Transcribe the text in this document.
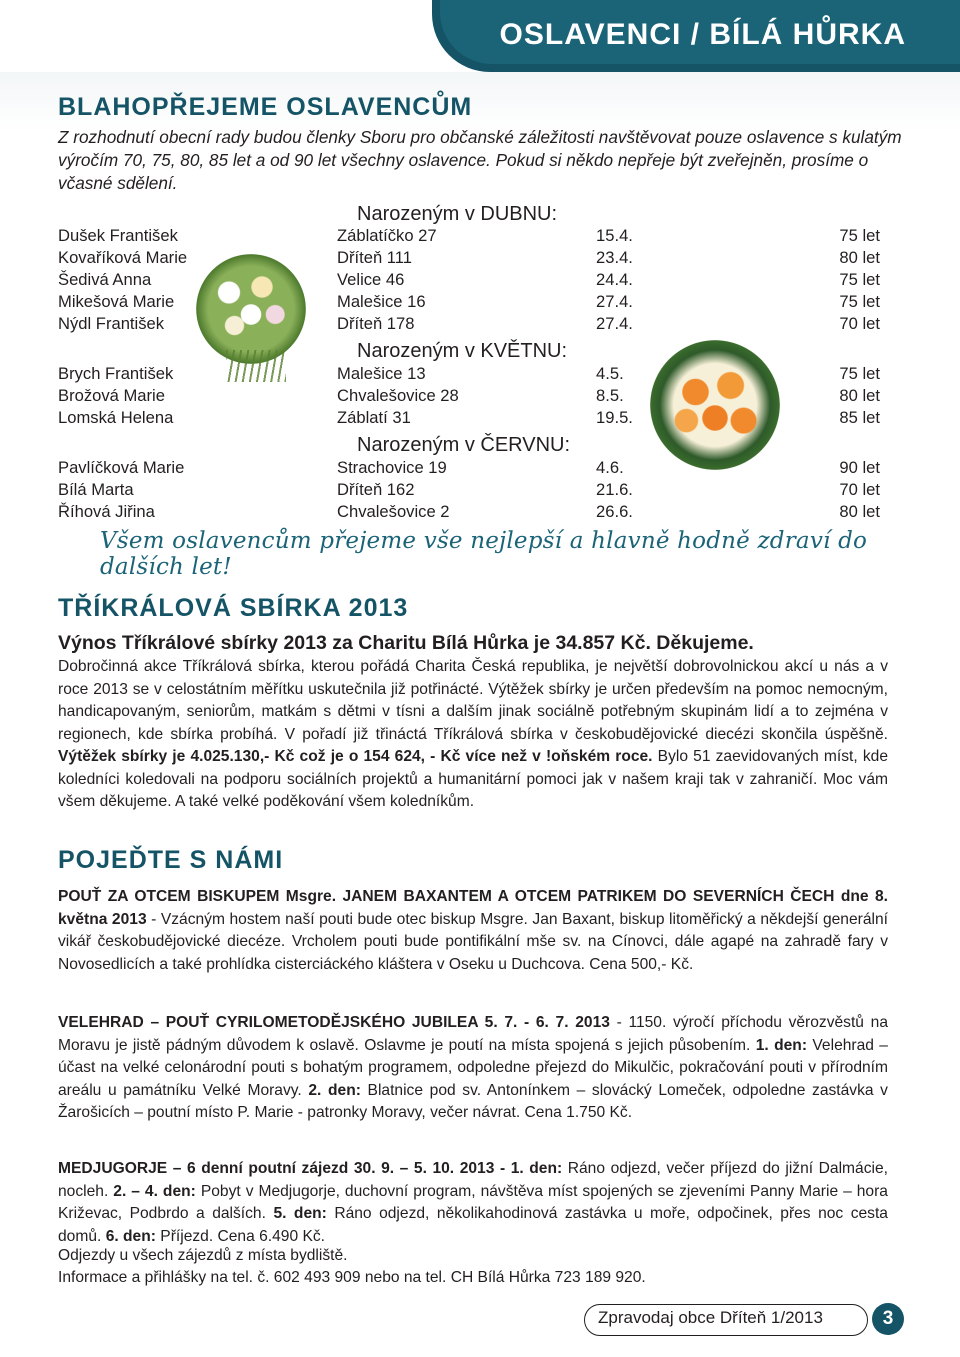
OSLAVENCI / BÍLÁ HŮRKA
BLAHOPŘEJEME OSLAVENCŮM
Z rozhodnutí obecní rady budou členky Sboru pro občanské záležitosti navštěvovat pouze oslavence s kulatým výročím 70, 75, 80, 85 let a od 90 let všechny oslavence. Pokud si někdo nepřeje být zveřejněn, prosíme o včasné sdělení.
Narozeným v DUBNU:
Dušek František	Záblatíčko 27	15.4.	75 let
Kovaříková Marie	Dříteň 111	23.4.	80 let
Šedivá Anna	Velice 46	24.4.	75 let
Mikešová Marie	Malešice 16	27.4.	75 let
Nýdl František	Dříteň 178	27.4.	70 let
Narozeným v KVĚTNU:
Brych František	Malešice 13	4.5.	75 let
Brožová Marie	Chvalešovice 28	8.5.	80 let
Lomská Helena	Záblatí 31	19.5.	85 let
Narozeným v ČERVNU:
Pavlíčková Marie	Strachovice 19	4.6.	90 let
Bílá Marta	Dříteň 162	21.6.	70 let
Říhová Jiřina	Chvalešovice 2	26.6.	80 let
Všem oslavencům přejeme vše nejlepší a hlavně hodně zdraví do dalších let!
TŘÍKRÁLOVÁ SBÍRKA 2013
Výnos Tříkrálové sbírky 2013 za Charitu Bílá Hůrka je 34.857 Kč. Děkujeme.
Dobročinná akce Tříkrálová sbírka, kterou pořádá Charita Česká republika, je největší dobrovolnickou akcí u nás a v roce 2013 se v celostátním měřítku uskutečnila již potřinácté. Výtěžek sbírky je určen především na pomoc nemocným, handicapovaným, seniorům, matkám s dětmi v tísni a dalším jinak sociálně potřebným skupinám lidí a to zejména v regionech, kde sbírka probíhá. V pořadí již třináctá Tříkrálová sbírka v českobudějovické diecézi skončila úspěšně. Výtěžek sbírky je 4.025.130,- Kč což je o 154 624, - Kč více než v !oňském roce. Bylo 51 zaevidovaných míst, kde koledníci koledovali na podporu sociálních projektů a humanitární pomoci jak v našem kraji tak v zahraničí. Moc vám všem děkujeme. A také velké poděkování všem koledníkům.
POJEĎTE S NÁMI
POUŤ ZA OTCEM BISKUPEM Msgre. JANEM BAXANTEM A OTCEM PATRIKEM DO SEVERNÍCH ČECH dne 8. května 2013 - Vzácným hostem naší pouti bude otec biskup Msgre. Jan Baxant, biskup litoměřický a někdejší generální vikář českobudějovické diecéze. Vrcholem pouti bude pontifikální mše sv. na Cínovci, dále agapé na zahradě fary v Novosedlicích a také prohlídka cisterciáckého kláštera v Oseku u Duchcova. Cena 500,- Kč.
VELEHRAD – POUŤ CYRILOMETODĚJSKÉHO JUBILEA 5. 7. - 6. 7. 2013 - 1150. výročí příchodu věrozvěstů na Moravu je jistě pádným důvodem k oslavě. Oslavme je poutí na místa spojená s jejich působením. 1. den: Velehrad – účast na velké celonárodní pouti s bohatým programem, odpoledne přejezd do Mikulčic, pokračování pouti v přírodním areálu u památníku Velké Moravy. 2. den: Blatnice pod sv. Antonínkem – slovácký Lomeček, odpoledne zastávka v Žarošicích – poutní místo P. Marie - patronky Moravy, večer návrat. Cena 1.750 Kč.
MEDJUGORJE – 6 denní poutní zájezd 30. 9. – 5. 10. 2013 - 1. den: Ráno odjezd, večer příjezd do jižní Dalmácie, nocleh. 2. – 4. den: Pobyt v Medjugorje, duchovní program, návštěva míst spojených se zjeveními Panny Marie – hora Križevac, Podbrdo a dalších. 5. den: Ráno odjezd, několikahodinová zastávka u moře, odpočinek, přes noc cesta domů. 6. den: Příjezd. Cena 6.490 Kč.
Odjezdy u všech zájezdů z místa bydliště.
Informace a přihlášky na tel. č. 602 493 909 nebo na tel. CH Bílá Hůrka 723 189 920.
Zpravodaj obce Dříteň 1/2013	3
